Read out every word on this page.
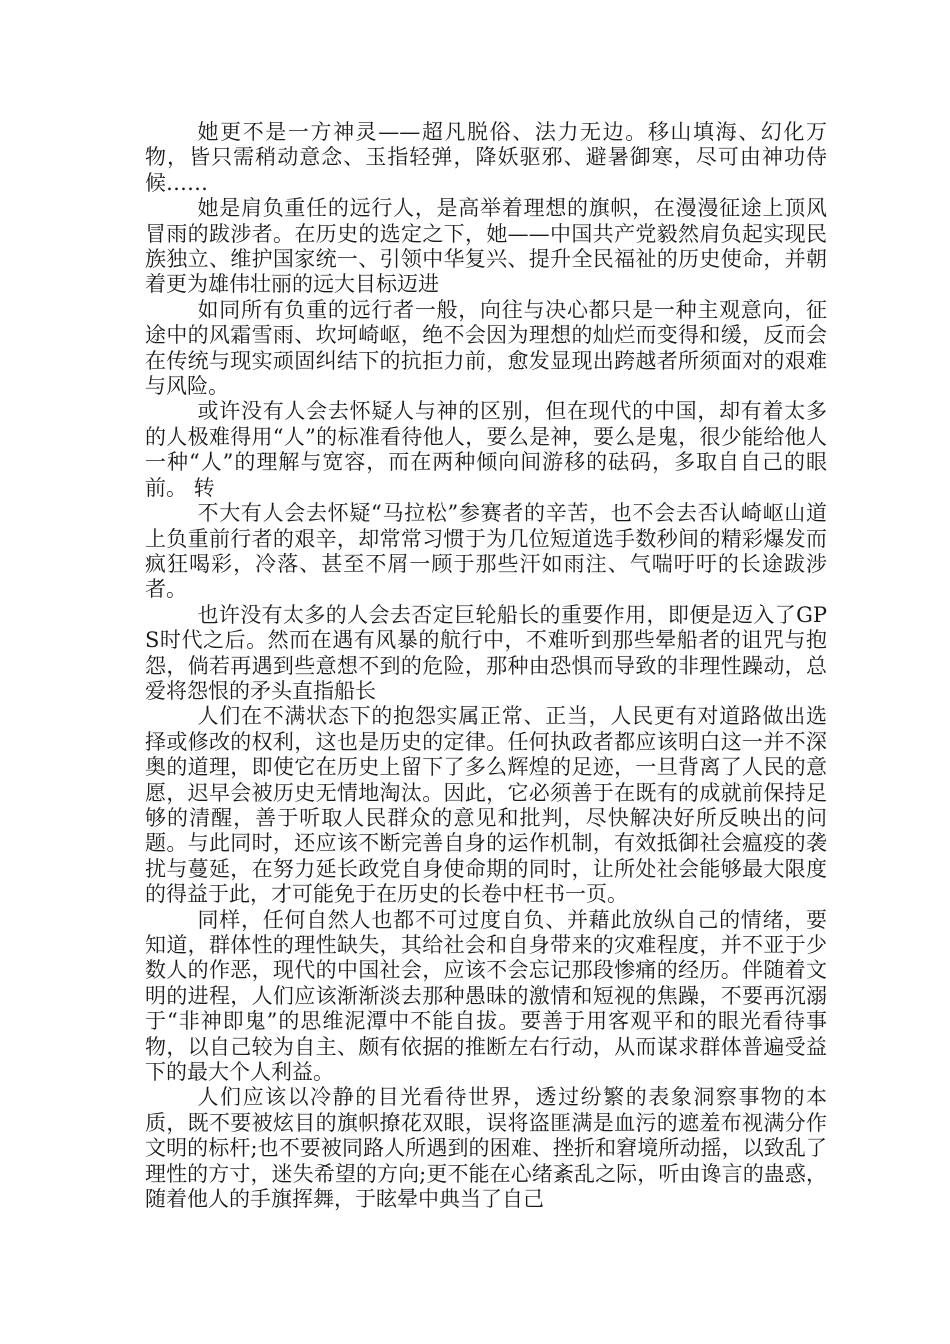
她更不是一方神灵——超凡脱俗、法力无边。移山填海、幻化万物，皆只需稍动意念、玉指轻弹，降妖驱邪、避暑御寒，尽可由神功侍候……

她是肩负重任的远行人，是高举着理想的旗帜，在漫漫征途上顶风冒雨的跋涉者。在历史的选定之下，她——中国共产党毅然肩负起实现民族独立、维护国家统一、引领中华复兴、提升全民福祉的历史使命，并朝着更为雄伟壮丽的远大目标迈进

如同所有负重的远行者一般，向往与决心都只是一种主观意向，征途中的风霜雪雨、坎坷崎岖，绝不会因为理想的灿烂而变得和缓，反而会在传统与现实顽固纠结下的抗拒力前，愈发显现出跨越者所须面对的艰难与风险。

或许没有人会去怀疑人与神的区别，但在现代的中国，却有着太多的人极难得用“人”的标准看待他人，要么是神，要么是鬼，很少能给他人一种“人”的理解与宽容，而在两种倾向间游移的砝码，多取自自己的眼前。 转

不大有人会去怀疑“马拉松”参赛者的辛苦，也不会去否认崎岖山道上负重前行者的艰辛，却常常习惯于为几位短道选手数秒间的精彩爆发而疯狂喝彩，冷落、甚至不屑一顾于那些汗如雨注、气喘吁吁的长途跋涉者。

也许没有太多的人会去否定巨轮船长的重要作用，即便是迈入了GPS时代之后。然而在遇有风暴的航行中，不难听到那些晕船者的诅咒与抱怨，倘若再遇到些意想不到的危险，那种由恐惧而导致的非理性躁动，总爱将怨恨的矛头直指船长

人们在不满状态下的抱怨实属正常、正当，人民更有对道路做出选择或修改的权利，这也是历史的定律。任何执政者都应该明白这一并不深奥的道理，即使它在历史上留下了多么辉煌的足迹，一旦背离了人民的意愿，迟早会被历史无情地淘汰。因此，它必须善于在既有的成就前保持足够的清醒，善于听取人民群众的意见和批判，尽快解决好所反映出的问题。与此同时，还应该不断完善自身的运作机制，有效抵御社会瘟疫的袭扰与蔓延，在努力延长政党自身使命期的同时，让所处社会能够最大限度的得益于此，才可能免于在历史的长卷中枉书一页。

同样，任何自然人也都不可过度自负、并藉此放纵自己的情绪，要知道，群体性的理性缺失，其给社会和自身带来的灾难程度，并不亚于少数人的作恶，现代的中国社会，应该不会忘记那段惨痛的经历。伴随着文明的进程，人们应该渐渐淡去那种愚昧的激情和短视的焦躁，不要再沉溺于“非神即鬼”的思维泥潭中不能自拔。要善于用客观平和的眼光看待事物，以自己较为自主、颇有依据的推断左右行动，从而谋求群体普遍受益下的最大个人利益。

人们应该以冷静的目光看待世界，透过纷繁的表象洞察事物的本质，既不要被炫目的旗帜撩花双眼，误将盗匪满是血污的遮羞布视满分作文明的标杆;也不要被同路人所遇到的困难、挫折和窘境所动摇，以致乱了理性的方寸，迷失希望的方向;更不能在心绪紊乱之际，听由谗言的蛊惑，随着他人的手旗挥舞，于眩晕中典当了自己
